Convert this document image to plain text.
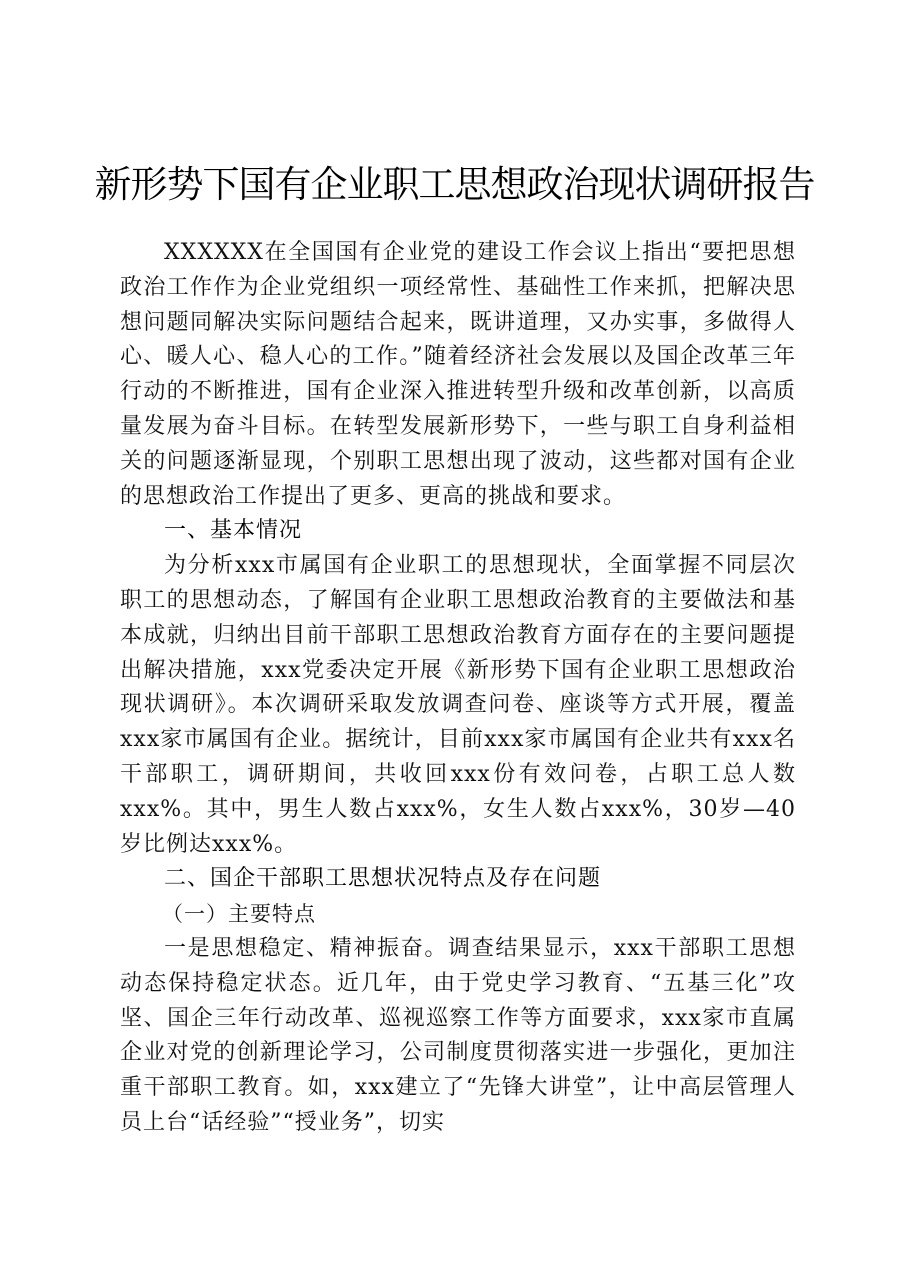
新形势下国有企业职工思想政治现状调研报告

XXXXXX在全国国有企业党的建设工作会议上指出“要把思想政治工作作为企业党组织一项经常性、基础性工作来抓，把解决思想问题同解决实际问题结合起来，既讲道理，又办实事，多做得人心、暖人心、稳人心的工作。”随着经济社会发展以及国企改革三年行动的不断推进，国有企业深入推进转型升级和改革创新，以高质量发展为奋斗目标。在转型发展新形势下，一些与职工自身利益相关的问题逐渐显现，个别职工思想出现了波动，这些都对国有企业的思想政治工作提出了更多、更高的挑战和要求。

一、基本情况

为分析xxx市属国有企业职工的思想现状，全面掌握不同层次职工的思想动态，了解国有企业职工思想政治教育的主要做法和基本成就，归纳出目前干部职工思想政治教育方面存在的主要问题提出解决措施，xxx党委决定开展《新形势下国有企业职工思想政治现状调研》。本次调研采取发放调查问卷、座谈等方式开展，覆盖xxx家市属国有企业。据统计，目前xxx家市属国有企业共有xxx名干部职工，调研期间，共收回xxx份有效问卷，占职工总人数xxx%。其中，男生人数占xxx%，女生人数占xxx%，30岁—40岁比例达xxx%。

二、国企干部职工思想状况特点及存在问题

（一）主要特点

一是思想稳定、精神振奋。调查结果显示，xxx干部职工思想动态保持稳定状态。近几年，由于党史学习教育、“五基三化”攻坚、国企三年行动改革、巡视巡察工作等方面要求，xxx家市直属企业对党的创新理论学习，公司制度贯彻落实进一步强化，更加注重干部职工教育。如，xxx建立了“先锋大讲堂”，让中高层管理人员上台“话经验”“授业务”，切实
